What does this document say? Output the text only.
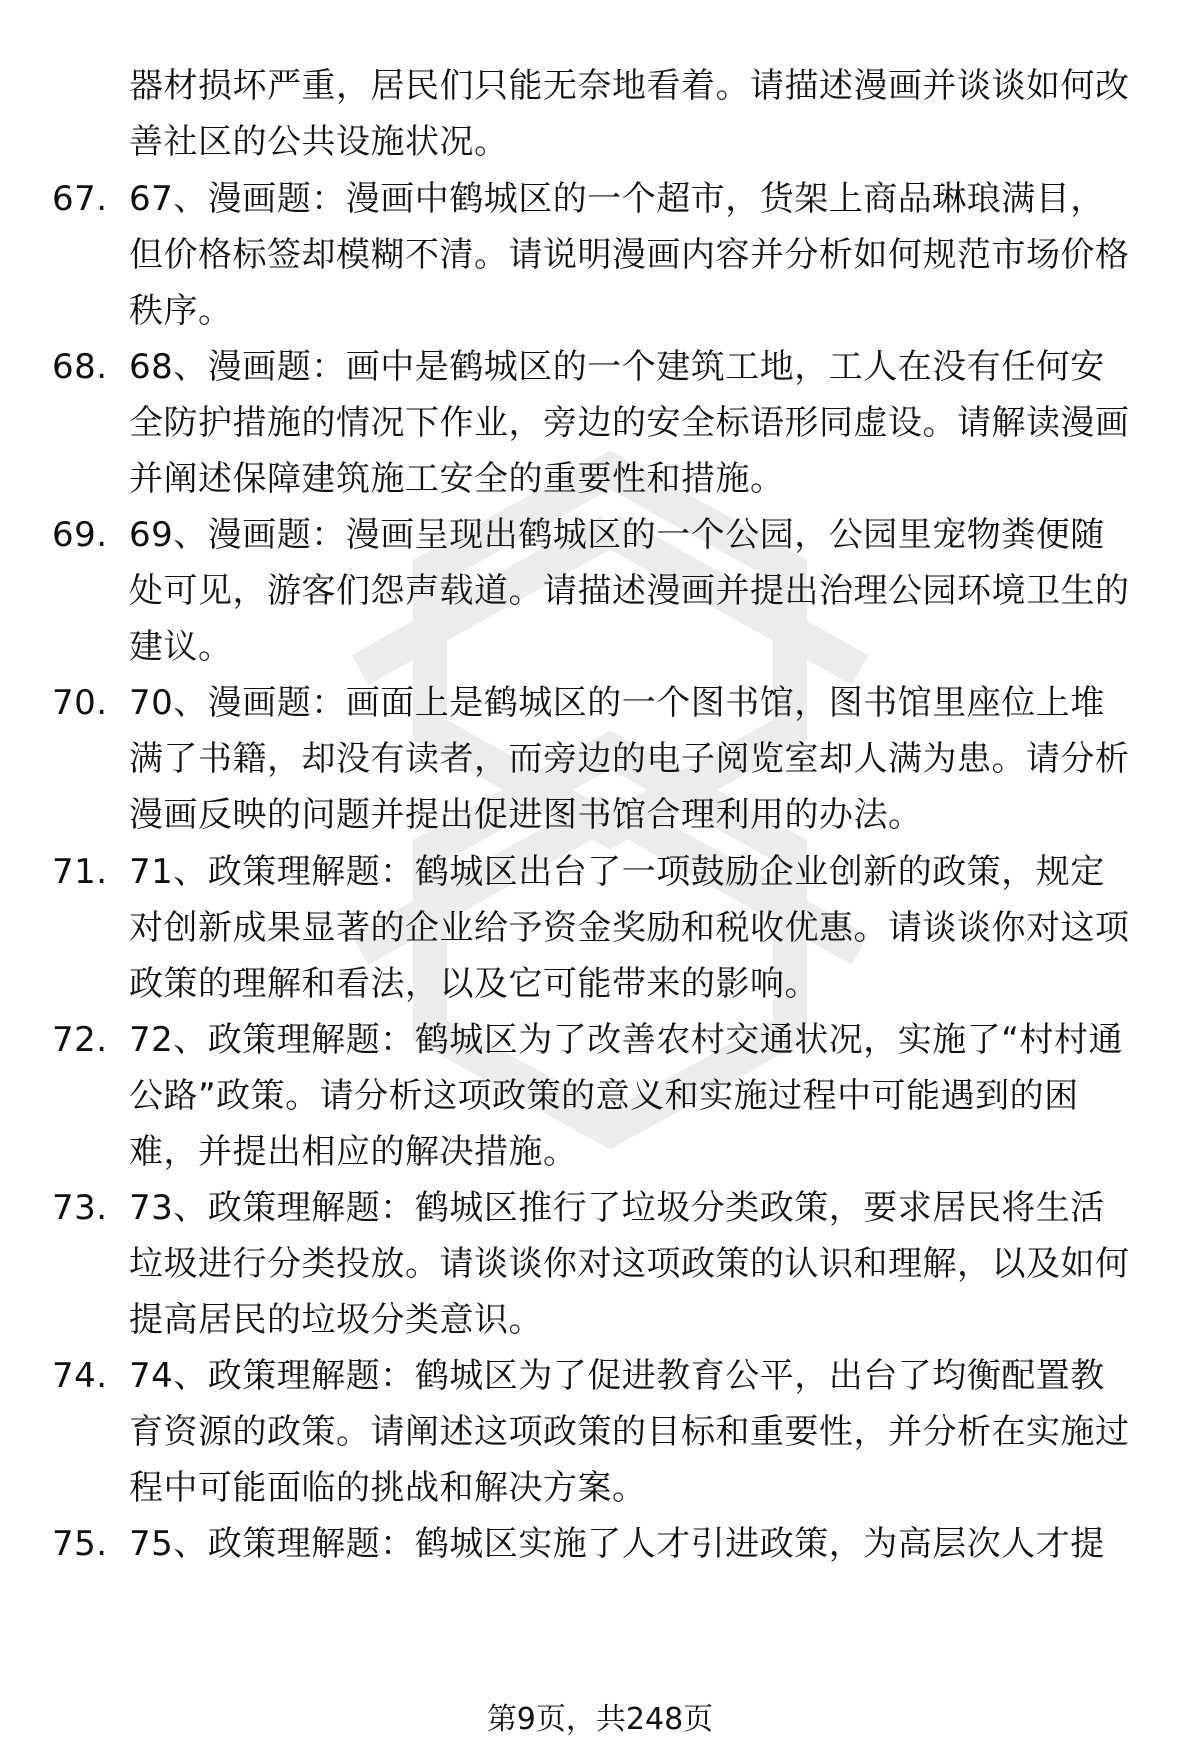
器材损坏严重，居民们只能无奈地看着。请描述漫画并谈谈如何改善社区的公共设施状况。

67. 67、漫画题：漫画中鹤城区的一个超市，货架上商品琳琅满目，但价格标签却模糊不清。请说明漫画内容并分析如何规范市场价格秩序。
68. 68、漫画题：画中是鹤城区的一个建筑工地，工人在没有任何安全防护措施的情况下作业，旁边的安全标语形同虚设。请解读漫画并阐述保障建筑施工安全的重要性和措施。
69. 69、漫画题：漫画呈现出鹤城区的一个公园，公园里宠物粪便随处可见，游客们怨声载道。请描述漫画并提出治理公园环境卫生的建议。
70. 70、漫画题：画面上是鹤城区的一个图书馆，图书馆里座位上堆满了书籍，却没有读者，而旁边的电子阅览室却人满为患。请分析漫画反映的问题并提出促进图书馆合理利用的办法。
71. 71、政策理解题：鹤城区出台了一项鼓励企业创新的政策，规定对创新成果显著的企业给予资金奖励和税收优惠。请谈谈你对这项政策的理解和看法，以及它可能带来的影响。
72. 72、政策理解题：鹤城区为了改善农村交通状况，实施了“村村通公路”政策。请分析这项政策的意义和实施过程中可能遇到的困难，并提出相应的解决措施。
73. 73、政策理解题：鹤城区推行了垃圾分类政策，要求居民将生活垃圾进行分类投放。请谈谈你对这项政策的认识和理解，以及如何提高居民的垃圾分类意识。
74. 74、政策理解题：鹤城区为了促进教育公平，出台了均衡配置教育资源的政策。请阐述这项政策的目标和重要性，并分析在实施过程中可能面临的挑战和解决方案。
75. 75、政策理解题：鹤城区实施了人才引进政策，为高层次人才提
第9页，共248页
